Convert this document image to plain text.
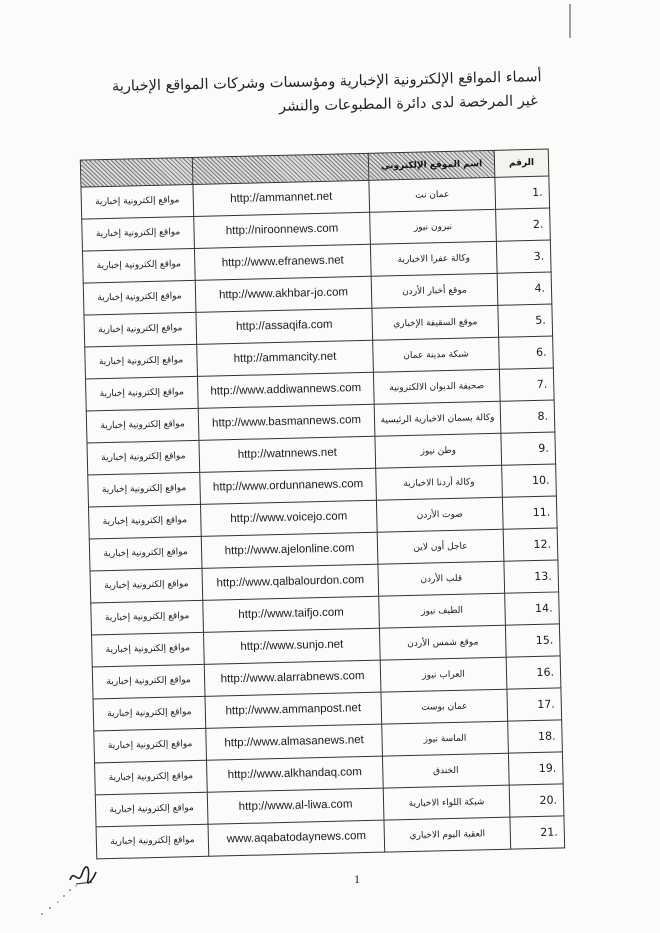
أسماء المواقع الإلكترونية الإخبارية ومؤسسات وشركات المواقع الإخبارية
غير المرخصة لدى دائرة المطبوعات والنشر
الرقم	اسم الموقع الإلكتروني		
.1	عمان نت	http://ammannet.net	مواقع إلكترونية إخبارية
.2	نيرون نيوز	http://niroonnews.com	مواقع إلكترونية إخبارية
.3	وكالة عفرا الاخبارية	http://www.efranews.net	مواقع إلكترونية إخبارية
.4	موقع أخبار الأردن	http://www.akhbar-jo.com	مواقع إلكترونية إخبارية
.5	موقع السقيفة الإخباري	http://assaqifa.com	مواقع إلكترونية إخبارية
.6	شبكة مدينة عمان	http://ammancity.net	مواقع إلكترونية إخبارية
.7	صحيفة الديوان الالكترونية	http://www.addiwannews.com	مواقع إلكترونية إخبارية
.8	وكالة بسمان الاخبارية الرئيسية	http://www.basmannews.com	مواقع إلكترونية إخبارية
.9	وطن نيوز	http://watnnews.net	مواقع إلكترونية إخبارية
.10	وكالة أردنا الاخبارية	http://www.ordunnanews.com	مواقع إلكترونية إخبارية
.11	صوت الأردن	http://www.voicejo.com	مواقع إلكترونية إخبارية
.12	عاجل أون لاين	http://www.ajelonline.com	مواقع إلكترونية إخبارية
.13	قلب الأردن	http://www.qalbalourdon.com	مواقع إلكترونية إخبارية
.14	الطيف نيوز	http://www.taifjo.com	مواقع إلكترونية إخبارية
.15	موقع شمس الأردن	http://www.sunjo.net	مواقع إلكترونية إخبارية
.16	العراب نيوز	http://www.alarrabnews.com	مواقع إلكترونية إخبارية
.17	عمان بوست	http://www.ammanpost.net	مواقع إلكترونية إخبارية
.18	الماسة نيوز	http://www.almasanews.net	مواقع إلكترونية إخبارية
.19	الخندق	http://www.alkhandaq.com	مواقع إلكترونية إخبارية
.20	شبكة اللواء الاخبارية	http://www.al-liwa.com	مواقع إلكترونية إخبارية
.21	العقبة اليوم الاخباري	www.aqabatodaynews.com	مواقع إلكترونية إخبارية
1
